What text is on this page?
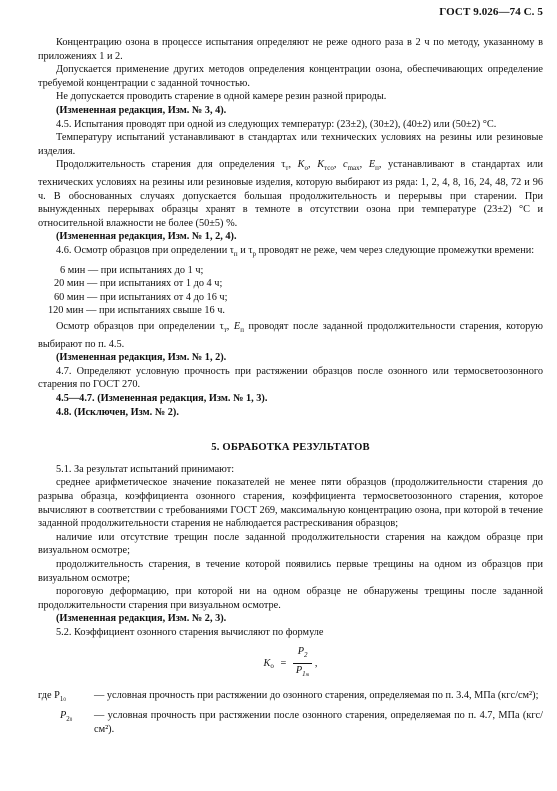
ГОСТ 9.026—74 С. 5

Концентрацию озона в процессе испытания определяют не реже одного раза в 2 ч по методу, указанному в приложениях 1 и 2.

Допускается применение других методов определения концентрации озона, обеспечивающих определение требуемой концентрации с заданной точностью.

Не допускается проводить старение в одной камере резин разной природы.

(Измененная редакция, Изм. № 3, 4).

4.5. Испытания проводят при одной из следующих температур: (23±2), (30±2), (40±2) или (50±2) °С.

Температуру испытаний устанавливают в стандартах или технических условиях на резины или резиновые изделия.

Продолжительность старения для определения $\tau_т$, $K_о$, $K_{тсо}$, $c_{max}$, $Е_п$, устанавливают в стандартах или технических условиях на резины или резиновые изделия, которую выбирают из ряда: 1, 2, 4, 8, 16, 24, 48, 72 и 96 ч. В обоснованных случаях допускается большая продолжительность и перерывы при старении. При вынужденных перерывах образцы хранят в темноте в отсутствии озона при температуре (23±2) °С и относительной влажности не более (50±5) %.

(Измененная редакция, Изм. № 1, 2, 4).

4.6. Осмотр образцов при определении $\tau_п$ и $\tau_р$ проводят не реже, чем через следующие промежутки времени:

6 мин — при испытаниях до 1 ч;
20 мин — при испытаниях от 1 до 4 ч;
60 мин — при испытаниях от 4 до 16 ч;
120 мин — при испытаниях свыше 16 ч.

Осмотр образцов при определении $\tau_т$, $Е_п$ проводят после заданной продолжительности старения, которую выбирают по п. 4.5.

(Измененная редакция, Изм. № 1, 2).

4.7. Определяют условную прочность при растяжении образцов после озонного или термосветоозонного старения по ГОСТ 270.

4.5—4.7. (Измененная редакция, Изм. № 1, 3).

4.8. (Исключен, Изм. № 2).

5. ОБРАБОТКА РЕЗУЛЬТАТОВ

5.1. За результат испытаний принимают:

среднее арифметическое значение показателей не менее пяти образцов (продолжительности старения до разрыва образца, коэффициента озонного старения, коэффициента термосветоозонного старения, которое вычисляют в соответствии с требованиями ГОСТ 269, максимальную концентрацию озона, при которой в течение заданной продолжительности старения не наблюдается растрескивания образцов;

наличие или отсутствие трещин после заданной продолжительности старения на каждом образце при визуальном осмотре;

продолжительность старения, в течение которой появились первые трещины на одном из образцов при визуальном осмотре;

пороговую деформацию, при которой ни на одном образце не обнаружены трещины после заданной продолжительности старения при визуальном осмотре.

(Измененная редакция, Изм. № 2, 3).

5.2. Коэффициент озонного старения вычисляют по формуле

$K_о = \frac{P_2}{P_{1т}}$ ,
где $P_{10}$	— условная прочность при растяжении до озонного старения, определяемая по п. 3.4, МПа (кгс/см²);
$P_{20}$	— условная прочность при растяжении после озонного старения, определяемая по п. 4.7, МПа (кгс/см²).
